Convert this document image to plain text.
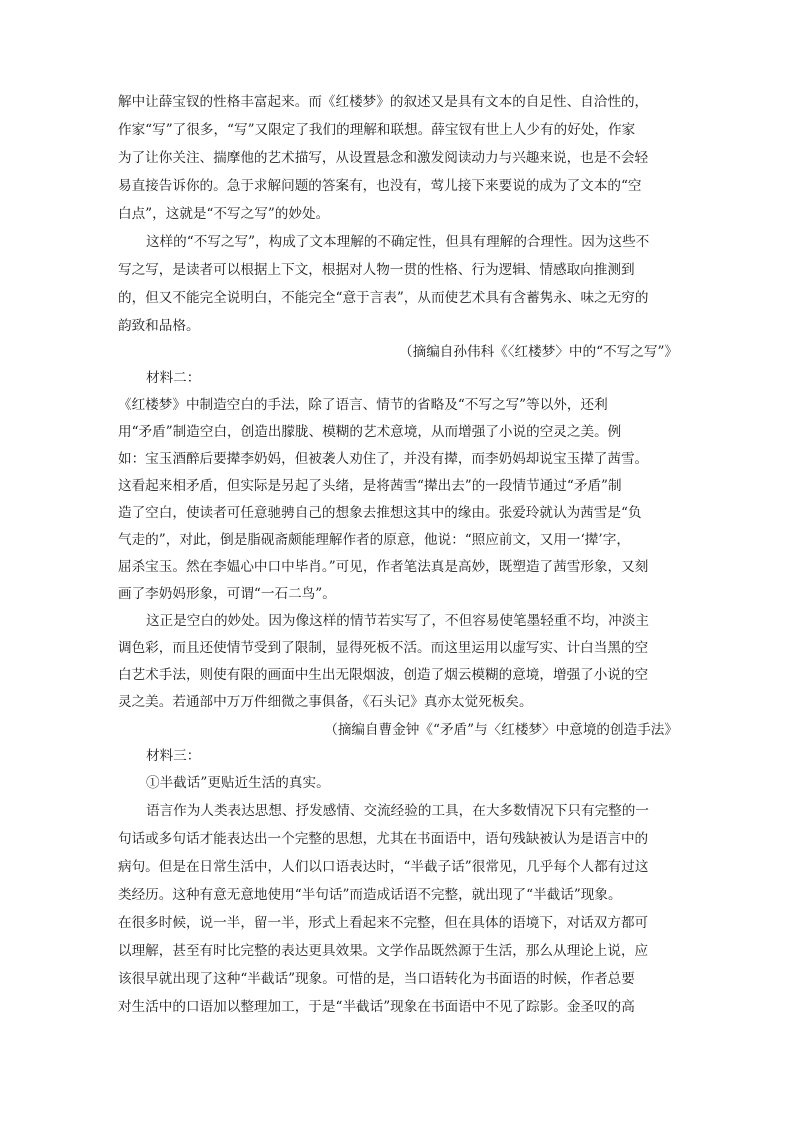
解中让薛宝钗的性格丰富起来。而《红楼梦》的叙述又是具有文本的自足性、自洽性的，
作家“写”了很多，“写”又限定了我们的理解和联想。薛宝钗有世上人少有的好处，作家
为了让你关注、揣摩他的艺术描写，从设置悬念和激发阅读动力与兴趣来说，也是不会轻
易直接告诉你的。急于求解问题的答案有，也没有，莺儿接下来要说的成为了文本的“空
白点”，这就是“不写之写”的妙处。
这样的“不写之写”，构成了文本理解的不确定性，但具有理解的合理性。因为这些不
写之写，是读者可以根据上下文，根据对人物一贯的性格、行为逻辑、情感取向推测到
的，但又不能完全说明白，不能完全“意于言表”，从而使艺术具有含蓄隽永、味之无穷的
韵致和品格。
（摘编自孙伟科《〈红楼梦〉中的“不写之写”》
材料二：
《红楼梦》中制造空白的手法，除了语言、情节的省略及“不写之写”等以外，还利
用“矛盾”制造空白，创造出朦胧、模糊的艺术意境，从而增强了小说的空灵之美。例
如：宝玉酒醉后要撵李奶妈，但被袭人劝住了，并没有撵，而李奶妈却说宝玉撵了茜雪。
这看起来相矛盾，但实际是另起了头绪，是将茜雪“撵出去”的一段情节通过“矛盾”制
造了空白，使读者可任意驰骋自己的想象去推想这其中的缘由。张爱玲就认为茜雪是“负
气走的”，对此，倒是脂砚斋颇能理解作者的原意，他说：“照应前文，又用一‘撵’字，
屈杀宝玉。然在李媪心中口中毕肖。”可见，作者笔法真是高妙，既塑造了茜雪形象，又刻
画了李奶妈形象，可谓“一石二鸟”。
这正是空白的妙处。因为像这样的情节若实写了，不但容易使笔墨轻重不均，冲淡主
调色彩，而且还使情节受到了限制，显得死板不活。而这里运用以虚写实、计白当黑的空
白艺术手法，则使有限的画面中生出无限烟波，创造了烟云模糊的意境，增强了小说的空
灵之美。若通部中万万件细微之事俱备，《石头记》真亦太觉死板矣。
（摘编自曹金钟《“矛盾”与〈红楼梦〉中意境的创造手法》
材料三：
①半截话”更贴近生活的真实。
语言作为人类表达思想、抒发感情、交流经验的工具，在大多数情况下只有完整的一
句话或多句话才能表达出一个完整的思想，尤其在书面语中，语句残缺被认为是语言中的
病句。但是在日常生活中，人们以口语表达时，“半截子话”很常见，几乎每个人都有过这
类经历。这种有意无意地使用“半句话”而造成话语不完整，就出现了“半截话”现象。
在很多时候，说一半，留一半，形式上看起来不完整，但在具体的语境下，对话双方都可
以理解，甚至有时比完整的表达更具效果。文学作品既然源于生活，那么从理论上说，应
该很早就出现了这种“半截话”现象。可惜的是，当口语转化为书面语的时候，作者总要
对生活中的口语加以整理加工，于是“半截话”现象在书面语中不见了踪影。金圣叹的高
